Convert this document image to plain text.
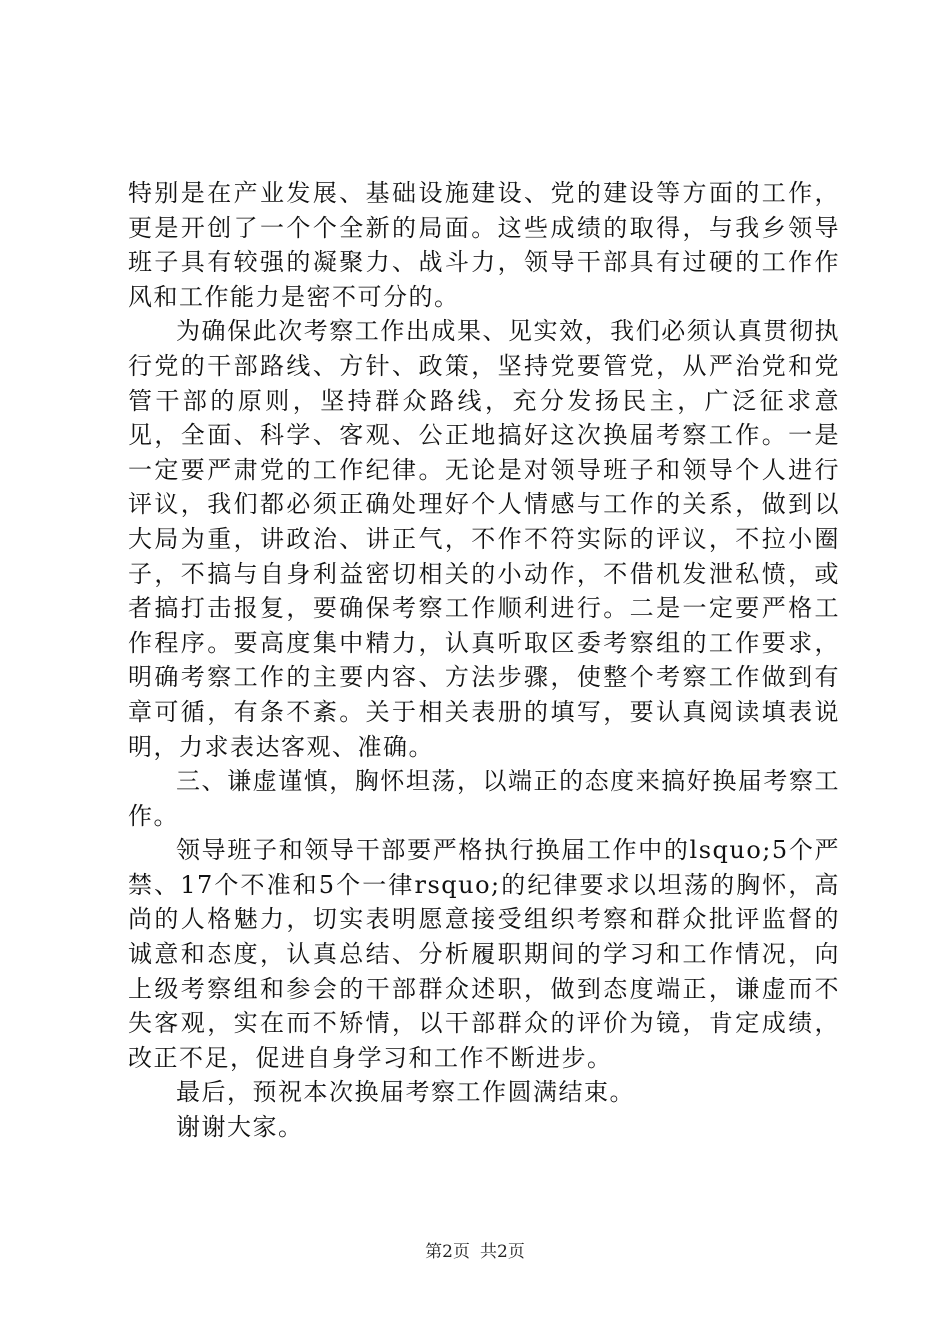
特别是在产业发展、基础设施建设、党的建设等方面的工作，更是开创了一个个全新的局面。这些成绩的取得，与我乡领导班子具有较强的凝聚力、战斗力，领导干部具有过硬的工作作风和工作能力是密不可分的。

为确保此次考察工作出成果、见实效，我们必须认真贯彻执行党的干部路线、方针、政策，坚持党要管党，从严治党和党管干部的原则，坚持群众路线，充分发扬民主，广泛征求意见，全面、科学、客观、公正地搞好这次换届考察工作。一是一定要严肃党的工作纪律。无论是对领导班子和领导个人进行评议，我们都必须正确处理好个人情感与工作的关系，做到以大局为重，讲政治、讲正气，不作不符实际的评议，不拉小圈子，不搞与自身利益密切相关的小动作，不借机发泄私愤，或者搞打击报复，要确保考察工作顺利进行。二是一定要严格工作程序。要高度集中精力，认真听取区委考察组的工作要求，明确考察工作的主要内容、方法步骤，使整个考察工作做到有章可循，有条不紊。关于相关表册的填写，要认真阅读填表说明，力求表达客观、准确。

三、谦虚谨慎，胸怀坦荡，以端正的态度来搞好换届考察工作。

领导班子和领导干部要严格执行换届工作中的lsquo;5个严禁、17个不准和5个一律rsquo;的纪律要求以坦荡的胸怀，高尚的人格魅力，切实表明愿意接受组织考察和群众批评监督的诚意和态度，认真总结、分析履职期间的学习和工作情况，向上级考察组和参会的干部群众述职，做到态度端正，谦虚而不失客观，实在而不矫情，以干部群众的评价为镜，肯定成绩，改正不足，促进自身学习和工作不断进步。

最后，预祝本次换届考察工作圆满结束。

谢谢大家。

第2页 共2页
